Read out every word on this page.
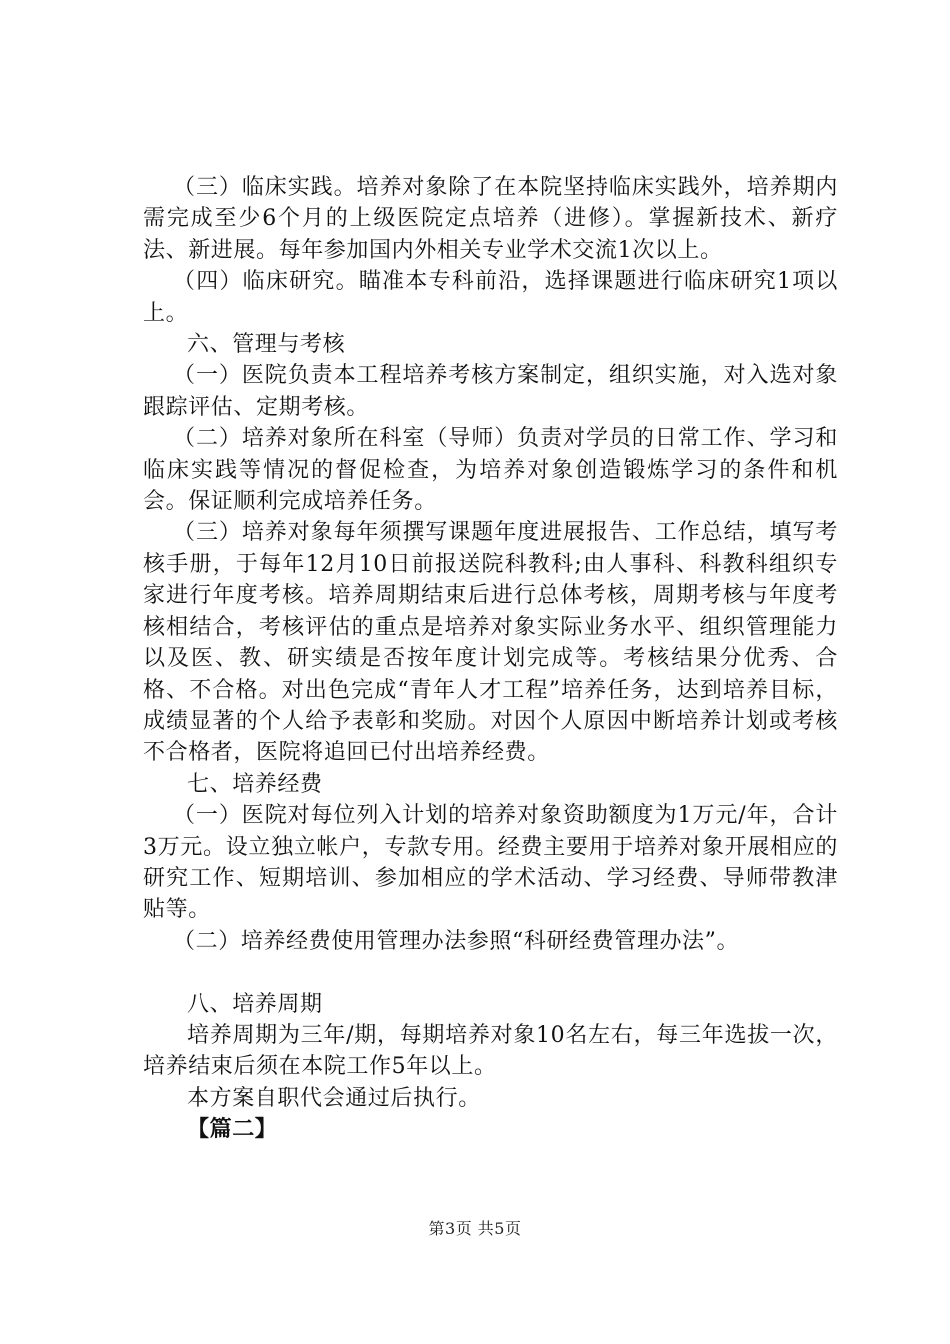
（三）临床实践。培养对象除了在本院坚持临床实践外，培养期内需完成至少6个月的上级医院定点培养（进修）。掌握新技术、新疗法、新进展。每年参加国内外相关专业学术交流1次以上。

（四）临床研究。瞄准本专科前沿，选择课题进行临床研究1项以上。

六、管理与考核

（一）医院负责本工程培养考核方案制定，组织实施，对入选对象跟踪评估、定期考核。

（二）培养对象所在科室（导师）负责对学员的日常工作、学习和临床实践等情况的督促检查，为培养对象创造锻炼学习的条件和机会。保证顺利完成培养任务。

（三）培养对象每年须撰写课题年度进展报告、工作总结，填写考核手册，于每年12月10日前报送院科教科;由人事科、科教科组织专家进行年度考核。培养周期结束后进行总体考核，周期考核与年度考核相结合，考核评估的重点是培养对象实际业务水平、组织管理能力以及医、教、研实绩是否按年度计划完成等。考核结果分优秀、合格、不合格。对出色完成“青年人才工程”培养任务，达到培养目标，成绩显著的个人给予表彰和奖励。对因个人原因中断培养计划或考核不合格者，医院将追回已付出培养经费。

七、培养经费

（一）医院对每位列入计划的培养对象资助额度为1万元/年，合计3万元。设立独立帐户，专款专用。经费主要用于培养对象开展相应的研究工作、短期培训、参加相应的学术活动、学习经费、导师带教津贴等。

（二）培养经费使用管理办法参照“科研经费管理办法”。

八、培养周期

培养周期为三年/期，每期培养对象10名左右，每三年选拔一次，培养结束后须在本院工作5年以上。

本方案自职代会通过后执行。

【篇二】

第3页 共5页
